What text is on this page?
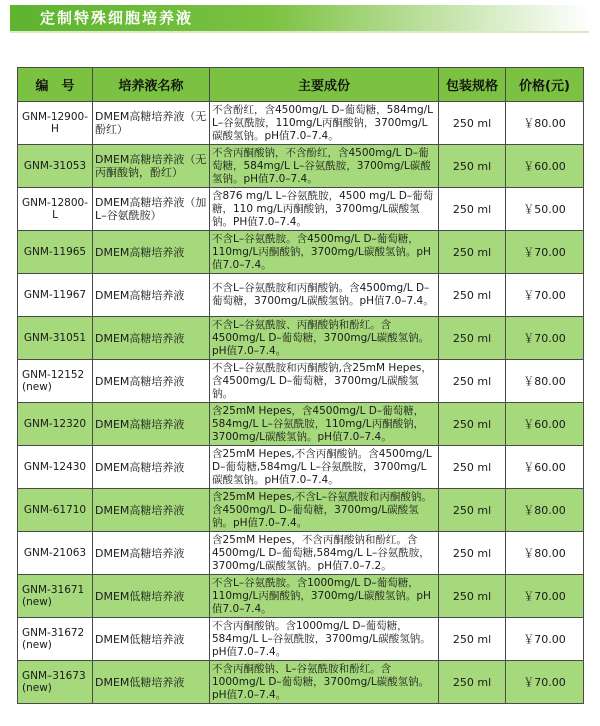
定制特殊细胞培养液
编　号	培养液名称	主要成份	包装规格	价格(元)

GNM-12900-H	DMEM高糖培养液（无酚红）	不含酚红，含4500mg/L D–葡萄糖，584mg/L L–谷氨酰胺，110mg/L丙酮酸钠，3700mg/L碳酸氢钠。pH值7.0–7.4。	250 ml	￥80.00

GNM-31053	DMEM高糖培养液（无丙酮酸钠，酚红）	不含丙酮酸钠，不含酚红，含4500mg/L D–葡萄糖，584mg/L L–谷氨酰胺，3700mg/L碳酸氢钠。pH值7.0–7.4。	250 ml	￥60.00

GNM-12800-L	DMEM高糖培养液（加L–谷氨酰胺）	含876 mg/L L–谷氨酰胺，4500 mg/L D–葡萄糖，110 mg/L丙酮酸钠，3700mg/L碳酸氢钠。PH值7.0–7.4。	250 ml	￥50.00

GNM-11965	DMEM高糖培养液	不含L–谷氨酰胺。含4500mg/L D–葡萄糖，110mg/L丙酮酸钠，3700mg/L碳酸氢钠。pH值7.0–7.4。	250 ml	￥70.00

GNM-11967	DMEM高糖培养液	不含L–谷氨酰胺和丙酮酸钠。含4500mg/L D–葡萄糖，3700mg/L碳酸氢钠。pH值7.0–7.4。	250 ml	￥70.00

GNM-31051	DMEM高糖培养液	不含L–谷氨酰胺、丙酮酸钠和酚红。含4500mg/L D–葡萄糖，3700mg/L碳酸氢钠。pH值7.0–7.4。	250 ml	￥70.00

GNM-12152
(new)	DMEM高糖培养液	不含L–谷氨酰胺和丙酮酸钠,含25mM Hepes，含4500mg/L D–葡萄糖，3700mg/L碳酸氢钠。	250 ml	￥80.00

GNM-12320	DMEM高糖培养液	含25mM Hepes，含4500mg/L D–葡萄糖，584mg/L L–谷氨酰胺，110mg/L丙酮酸钠，3700mg/L碳酸氢钠。pH值7.0–7.4。	250 ml	￥60.00

GNM-12430	DMEM高糖培养液	含25mM Hepes,不含丙酮酸钠。含4500mg/L D–葡萄糖,584mg/L L–谷氨酰胺，3700mg/L碳酸氢钠。pH值7.0–7.4。	250 ml	￥60.00

GNM-61710	DMEM高糖培养液	含25mM Hepes,不含L–谷氨酰胺和丙酮酸钠。含4500mg/L D–葡萄糖，3700mg/L碳酸氢钠。pH值7.0–7.4。	250 ml	￥80.00

GNM-21063	DMEM高糖培养液	含25mM Hepes，不含丙酮酸钠和酚红。含4500mg/L D–葡萄糖,584mg/L L–谷氨酰胺，3700mg/L碳酸氢钠。pH值7.0–7.2。	250 ml	￥80.00

GNM-31671
(new)	DMEM低糖培养液	不含L–谷氨酰胺。含1000mg/L D–葡萄糖，110mg/L丙酮酸钠，3700mg/L碳酸氢钠。pH值7.0–7.4。	250 ml	￥70.00

GNM-31672
(new)	DMEM低糖培养液	不含丙酮酸钠。含1000mg/L D–葡萄糖，584mg/L L–谷氨酰胺，3700mg/L碳酸氢钠。pH值7.0–7.4。	250 ml	￥70.00

GNM–31673
(new)	DMEM低糖培养液	不含丙酮酸钠、L–谷氨酰胺和酚红。含1000mg/L D–葡萄糖，3700mg/L碳酸氢钠。pH值7.0–7.4。	250 ml	￥70.00
